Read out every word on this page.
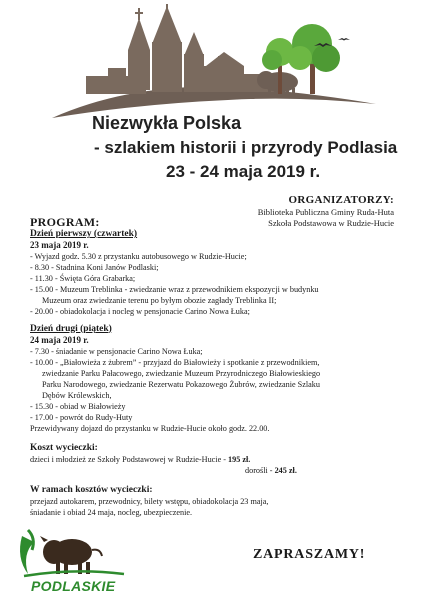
Niezwykła Polska
- szlakiem historii i przyrody Podlasia
23 - 24 maja 2019 r.
ORGANIZATORZY:
Biblioteka Publiczna Gminy Ruda-Huta
Szkoła Podstawowa w Rudzie-Hucie
PROGRAM:
Dzień pierwszy (czwartek)
23 maja 2019 r.
- Wyjazd godz. 5.30 z przystanku autobusowego w Rudzie-Hucie;
- 8.30 - Stadnina Koni Janów Podlaski;
- 11.30 - Święta Góra Grabarka;
- 15.00 - Muzeum Treblinka - zwiedzanie wraz z przewodnikiem ekspozycji w budynku
Muzeum oraz zwiedzanie terenu po byłym obozie zagłady Treblinka II;
- 20.00 - obiadokolacja i nocleg w pensjonacie Carino Nowa Łuka;
Dzień drugi (piątek)
24 maja 2019 r.
- 7.30 - śniadanie w pensjonacie Carino Nowa Łuka;
- 10.00 - „Białowieża z żubrem” - przyjazd do Białowieży i spotkanie z przewodnikiem,
zwiedzanie Parku Pałacowego, zwiedzanie Muzeum Przyrodniczego Białowieskiego
Parku Narodowego, zwiedzanie Rezerwatu Pokazowego Żubrów, zwiedzanie Szlaku
Dębów Królewskich,
- 15.30 - obiad w Białowieży
- 17.00 - powrót do Rudy-Huty
Przewidywany dojazd do przystanku w Rudzie-Hucie około godz. 22.00.
Koszt wycieczki:
dzieci i młodzież ze Szkoły Podstawowej w Rudzie-Hucie - 195 zł.
dorośli - 245 zł.
W ramach kosztów wycieczki:
przejazd autokarem, przewodnicy, bilety wstępu, obiadokolacja 23 maja,
śniadanie i obiad 24 maja, nocleg, ubezpieczenie.
PODLASKIE
ZAPRASZAMY!
